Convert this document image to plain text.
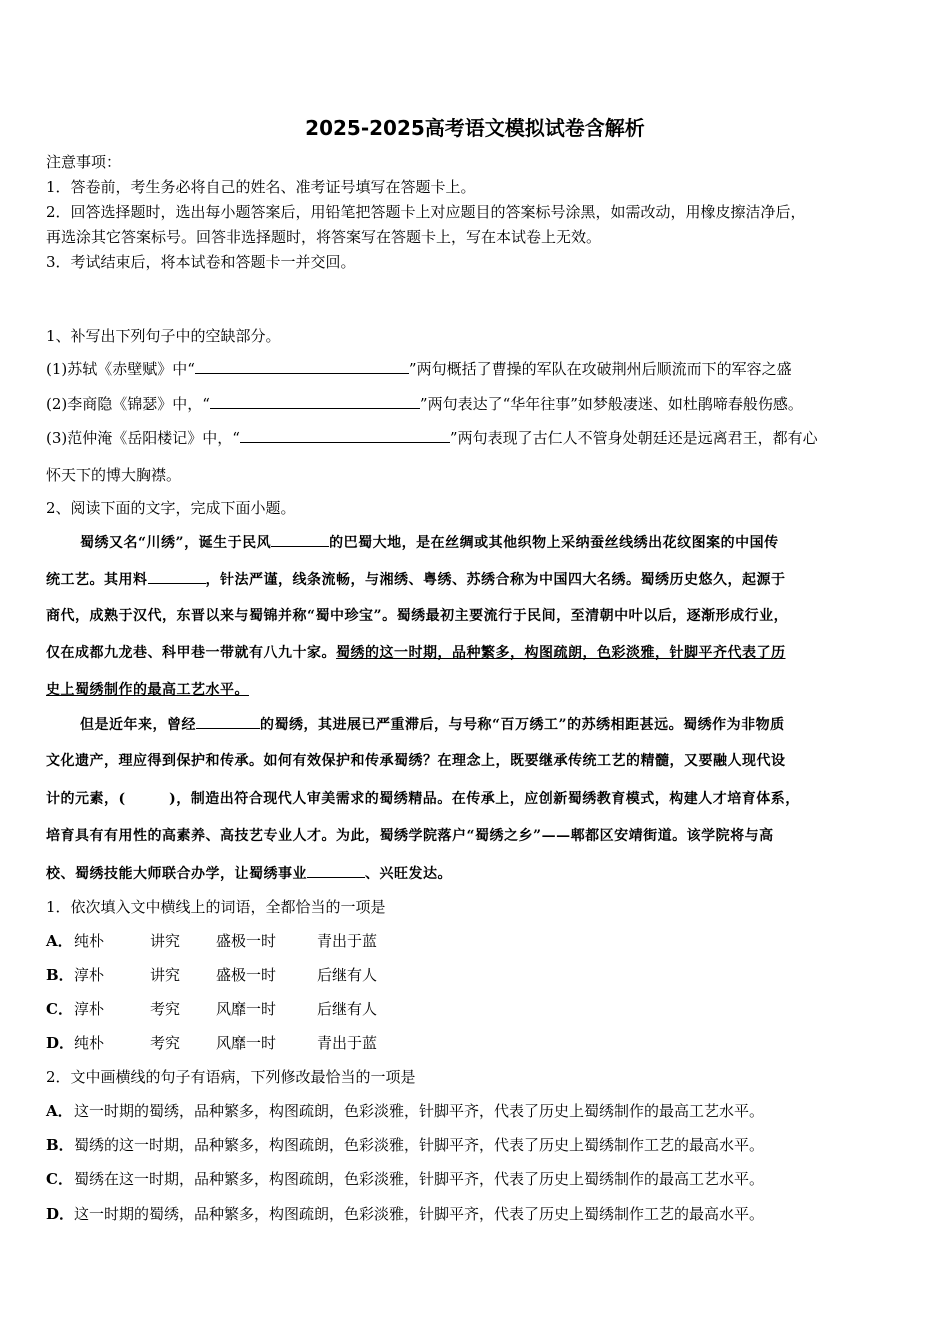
2025-2025高考语文模拟试卷含解析
注意事项：
1．答卷前，考生务必将自己的姓名、准考证号填写在答题卡上。
2．回答选择题时，选出每小题答案后，用铅笔把答题卡上对应题目的答案标号涂黑，如需改动，用橡皮擦洁净后，
再选涂其它答案标号。回答非选择题时，将答案写在答题卡上，写在本试卷上无效。
3．考试结束后，将本试卷和答题卡一并交回。
1、补写出下列句子中的空缺部分。
(1)苏轼《赤壁赋》中“	”两句概括了曹操的军队在攻破荆州后顺流而下的军容之盛
(2)李商隐《锦瑟》中，“	”两句表达了“华年往事”如梦般凄迷、如杜鹃啼春般伤感。
(3)范仲淹《岳阳楼记》中，“	”两句表现了古仁人不管身处朝廷还是远离君王，都有心
怀天下的博大胸襟。
2、阅读下面的文字，完成下面小题。
蜀绣又名“川绣”，诞生于民风	的巴蜀大地，是在丝绸或其他织物上采纳蚕丝线绣出花纹图案的中国传
统工艺。其用料	，针法严谨，线条流畅，与湘绣、粤绣、苏绣合称为中国四大名绣。蜀绣历史悠久，起源于
商代，成熟于汉代，东晋以来与蜀锦并称“蜀中珍宝”。蜀绣最初主要流行于民间，至清朝中叶以后，逐渐形成行业，
仅在成都九龙巷、科甲巷一带就有八九十家。蜀绣的这一时期，品种繁多，构图疏朗，色彩淡雅，针脚平齐代表了历
史上蜀绣制作的最高工艺水平。
但是近年来，曾经	的蜀绣，其进展已严重滞后，与号称“百万绣工”的苏绣相距甚远。蜀绣作为非物质
文化遗产，理应得到保护和传承。如何有效保护和传承蜀绣？在理念上，既要继承传统工艺的精髓，又要融人现代设
计的元素，(　　　)，制造出符合现代人审美需求的蜀绣精品。在传承上，应创新蜀绣教育模式，构建人才培育体系，
培育具有有用性的高素养、高技艺专业人才。为此，蜀绣学院落户“蜀绣之乡”——郫都区安靖街道。该学院将与高
校、蜀绣技能大师联合办学，让蜀绣事业	、兴旺发达。
1．依次填入文中横线上的词语，全都恰当的一项是
A．纯朴	讲究 盛极一时	青出于蓝
B．淳朴	讲究 盛极一时	后继有人
C．淳朴	考究 风靡一时	后继有人
D．纯朴	考究 风靡一时	青出于蓝
2．文中画横线的句子有语病，下列修改最恰当的一项是
A．这一时期的蜀绣，品种繁多，构图疏朗，色彩淡雅，针脚平齐，代表了历史上蜀绣制作的最高工艺水平。
B．蜀绣的这一时期，品种繁多，构图疏朗，色彩淡雅，针脚平齐，代表了历史上蜀绣制作工艺的最高水平。
C．蜀绣在这一时期，品种繁多，构图疏朗，色彩淡雅，针脚平齐，代表了历史上蜀绣制作的最高工艺水平。
D．这一时期的蜀绣，品种繁多，构图疏朗，色彩淡雅，针脚平齐，代表了历史上蜀绣制作工艺的最高水平。
